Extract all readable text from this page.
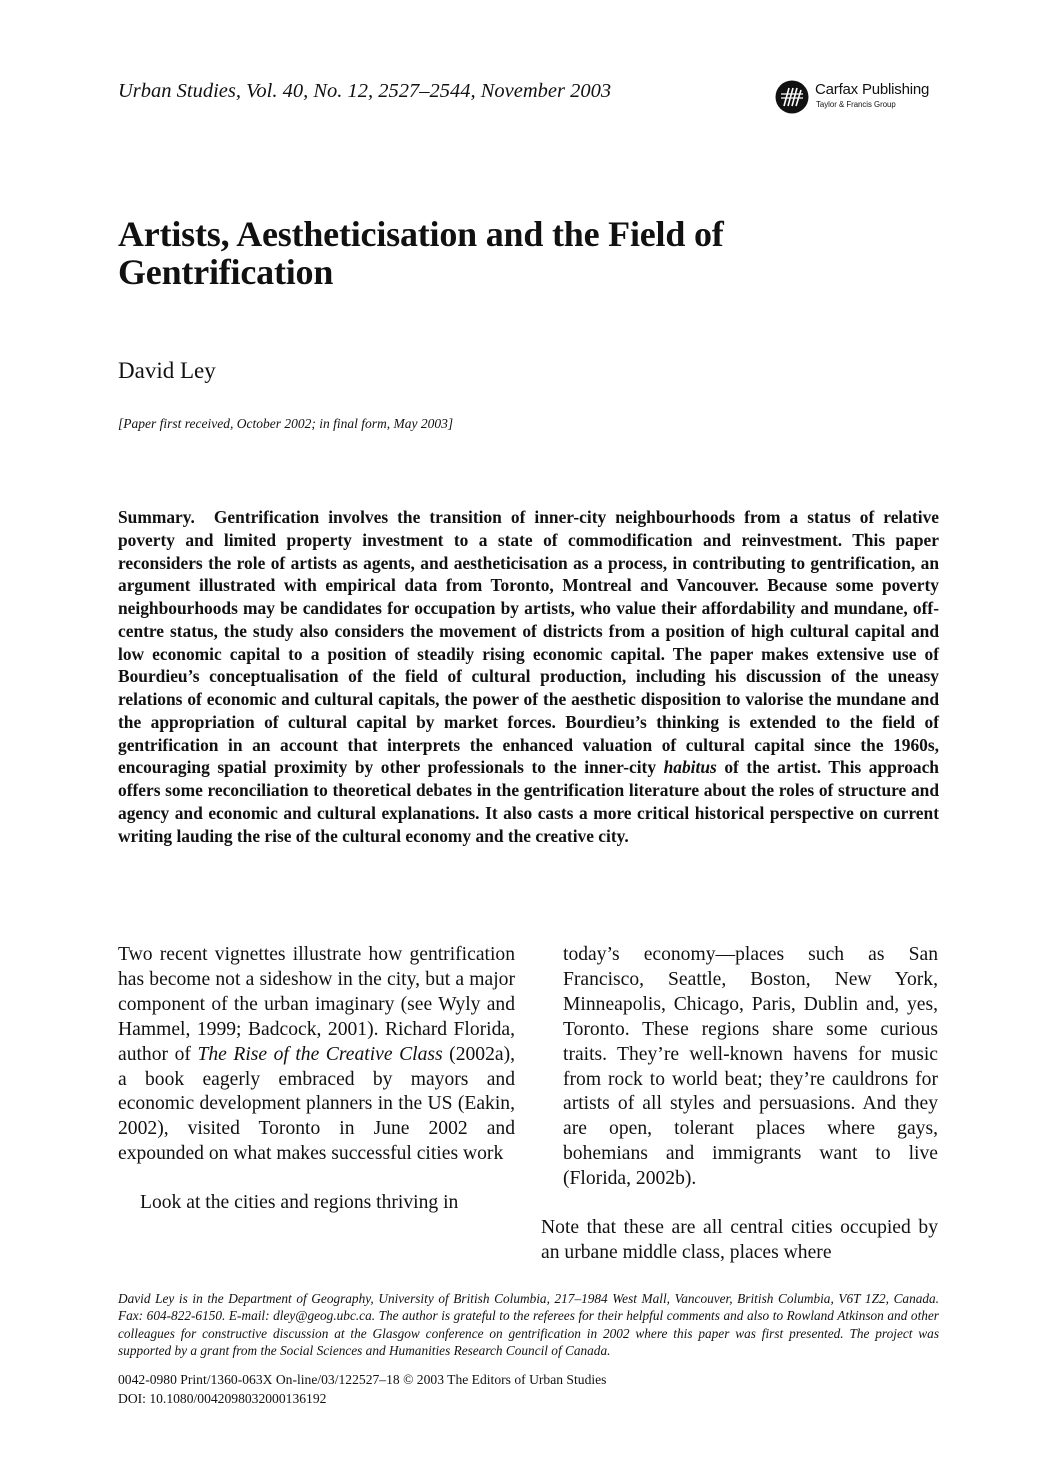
Urban Studies, Vol. 40, No. 12, 2527–2544, November 2003	Carfax Publishing
Taylor & Francis Group
Artists, Aestheticisation and the Field of Gentrification
David Ley
[Paper first received, October 2002; in final form, May 2003]
Summary. Gentrification involves the transition of inner-city neighbourhoods from a status of relative poverty and limited property investment to a state of commodification and reinvestment. This paper reconsiders the role of artists as agents, and aestheticisation as a process, in contributing to gentrification, an argument illustrated with empirical data from Toronto, Montreal and Vancouver. Because some poverty neighbourhoods may be candidates for occupation by artists, who value their affordability and mundane, off-centre status, the study also considers the movement of districts from a position of high cultural capital and low economic capital to a position of steadily rising economic capital. The paper makes extensive use of Bourdieu’s conceptualisation of the field of cultural production, including his discussion of the uneasy relations of economic and cultural capitals, the power of the aesthetic disposition to valorise the mundane and the appropriation of cultural capital by market forces. Bourdieu’s thinking is extended to the field of gentrification in an account that interprets the enhanced valuation of cultural capital since the 1960s, encouraging spatial proximity by other professionals to the inner-city habitus of the artist. This approach offers some reconciliation to theoretical debates in the gentrification literature about the roles of structure and agency and economic and cultural explanations. It also casts a more critical historical perspective on current writing lauding the rise of the cultural economy and the creative city.

Two recent vignettes illustrate how gentrification has become not a sideshow in the city, but a major component of the urban imaginary (see Wyly and Hammel, 1999; Badcock, 2001). Richard Florida, author of The Rise of the Creative Class (2002a), a book eagerly embraced by mayors and economic development planners in the US (Eakin, 2002), visited Toronto in June 2002 and expounded on what makes successful cities work

Look at the cities and regions thriving in

today’s economy—places such as San Francisco, Seattle, Boston, New York, Minneapolis, Chicago, Paris, Dublin and, yes, Toronto. These regions share some curious traits. They’re well-known havens for music from rock to world beat; they’re cauldrons for artists of all styles and persuasions. And they are open, tolerant places where gays, bohemians and immigrants want to live (Florida, 2002b).

Note that these are all central cities occupied by an urbane middle class, places where

David Ley is in the Department of Geography, University of British Columbia, 217–1984 West Mall, Vancouver, British Columbia, V6T 1Z2, Canada. Fax: 604-822-6150. E-mail: dley@geog.ubc.ca. The author is grateful to the referees for their helpful comments and also to Rowland Atkinson and other colleagues for constructive discussion at the Glasgow conference on gentrification in 2002 where this paper was first presented. The project was supported by a grant from the Social Sciences and Humanities Research Council of Canada.
0042-0980 Print/1360-063X On-line/03/122527–18 © 2003 The Editors of Urban Studies
DOI: 10.1080/0042098032000136192
